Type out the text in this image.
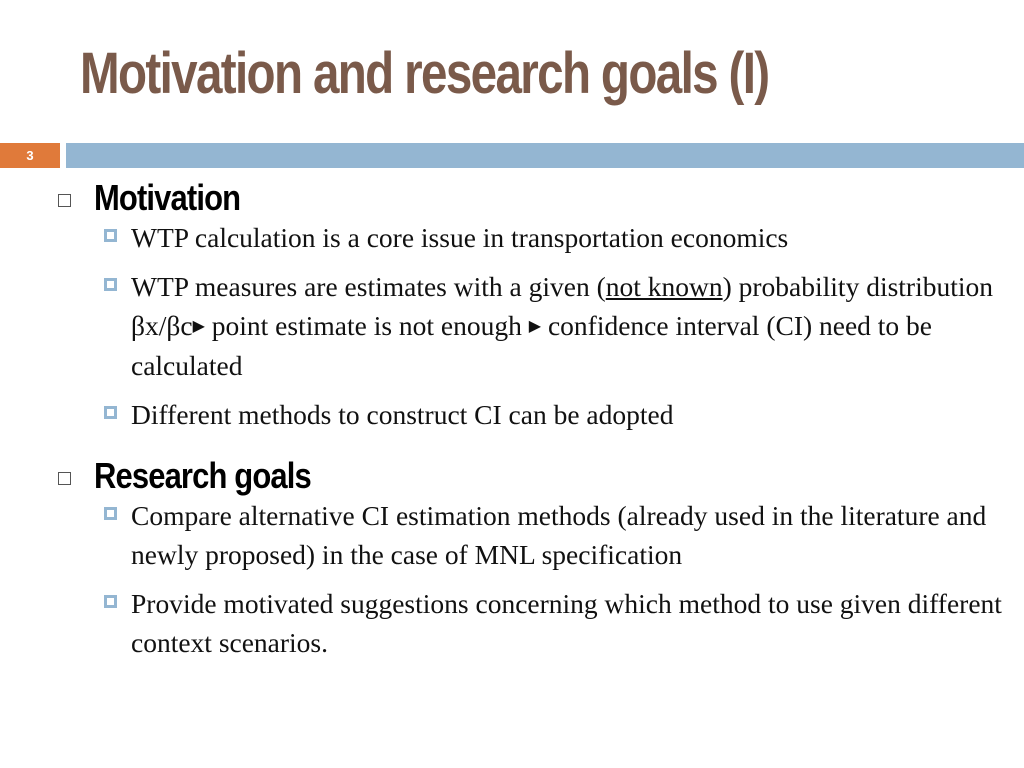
Motivation and research goals (I)
3
Motivation
WTP calculation is a core issue in transportation economics
WTP measures are estimates with a given (not known) probability distribution βx/βc▶ point estimate is not enough ▶ confidence interval (CI) need to be calculated
Different methods to construct CI can be adopted
Research goals
Compare alternative CI estimation methods (already used in the literature and newly proposed) in the case of MNL specification
Provide motivated suggestions concerning which method to use given different context scenarios.
